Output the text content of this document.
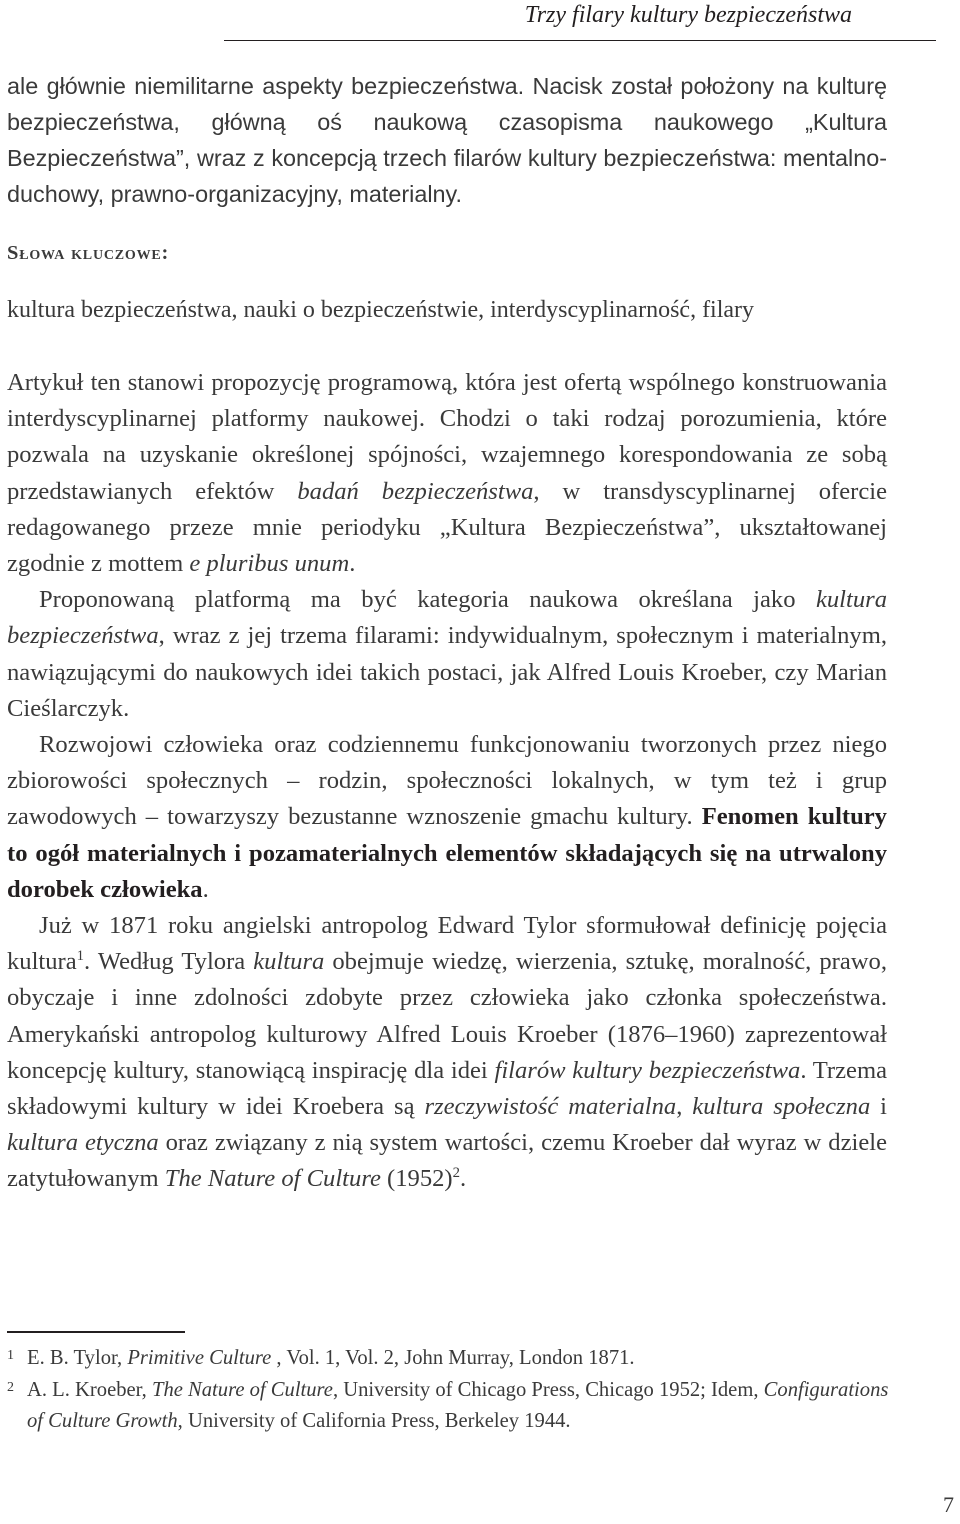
Trzy filary kultury bezpieczeństwa

ale głównie niemilitarne aspekty bezpieczeństwa. Nacisk został położony na kulturę bezpieczeństwa, główną oś naukową czasopisma naukowego „Kultura Bezpieczeństwa”, wraz z koncepcją trzech filarów kultury bezpieczeństwa: mentalno-duchowy, prawno-organizacyjny, materialny.

Słowa kluczowe:
kultura bezpieczeństwa, nauki o bezpieczeństwie, interdyscyplinarność, filary

Artykuł ten stanowi propozycję programową, która jest ofertą wspólnego konstruowania interdyscyplinarnej platformy naukowej. Chodzi o taki rodzaj porozumienia, które pozwala na uzyskanie określonej spójności, wzajemnego korespondowania ze sobą przedstawianych efektów badań bezpieczeństwa, w transdyscyplinarnej ofercie redagowanego przeze mnie periodyku „Kultura Bezpieczeństwa”, ukształtowanej zgodnie z mottem e pluribus unum.

Proponowaną platformą ma być kategoria naukowa określana jako kultura bezpieczeństwa, wraz z jej trzema filarami: indywidualnym, społecznym i materialnym, nawiązującymi do naukowych idei takich postaci, jak Alfred Louis Kroeber, czy Marian Cieślarczyk.

Rozwojowi człowieka oraz codziennemu funkcjonowaniu tworzonych przez niego zbiorowości społecznych – rodzin, społeczności lokalnych, w tym też i grup zawodowych – towarzyszy bezustanne wznoszenie gmachu kultury. Fenomen kultury to ogół materialnych i pozamaterialnych elementów składających się na utrwalony dorobek człowieka.

Już w 1871 roku angielski antropolog Edward Tylor sformułował definicję pojęcia kultura$^1$. Według Tylora kultura obejmuje wiedzę, wierzenia, sztukę, moralność, prawo, obyczaje i inne zdolności zdobyte przez człowieka jako członka społeczeństwa. Amerykański antropolog kulturowy Alfred Louis Kroeber (1876–1960) zaprezentował koncepcję kultury, stanowiącą inspirację dla idei filarów kultury bezpieczeństwa. Trzema składowymi kultury w idei Kroebera są rzeczywistość materialna, kultura społeczna i kultura etyczna oraz związany z nią system wartości, czemu Kroeber dał wyraz w dziele zatytułowanym The Nature of Culture $(1952)^2$.

1 E. B. Tylor, Primitive Culture , Vol. 1, Vol. 2, John Murray, London 1871.
2 A. L. Kroeber, The Nature of Culture, University of Chicago Press, Chicago 1952; Idem, Configurations of Culture Growth, University of California Press, Berkeley 1944.
7
